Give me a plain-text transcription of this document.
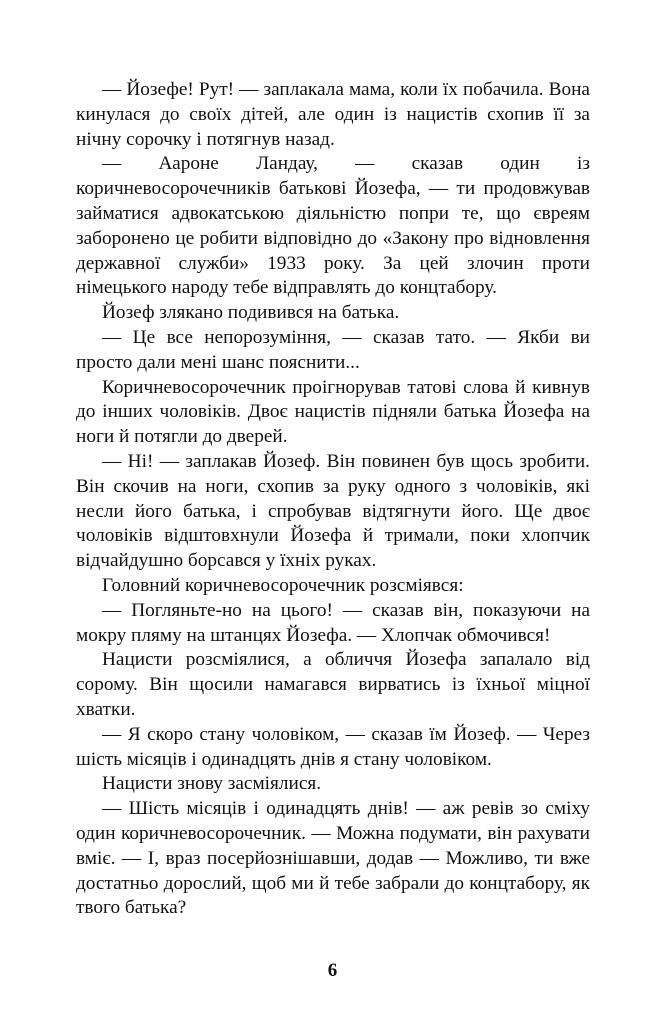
— Йозефе! Рут! — заплакала мама, коли їх побачила. Вона кинулася до своїх дітей, але один із нацистів схопив її за нічну сорочку і потягнув назад.

— Аароне Ландау, — сказав один із коричневосорочечників батькові Йозефа, — ти продовжував займатися адвокатською діяльністю попри те, що євреям заборонено це робити відповідно до «Закону про відновлення державної служби» 1933 року. За цей злочин проти німецького народу тебе відправлять до концтабору.

Йозеф злякано подивився на батька.

— Це все непорозуміння, — сказав тато. — Якби ви просто дали мені шанс пояснити...

Коричневосорочечник проігнорував татові слова й кивнув до інших чоловіків. Двоє нацистів підняли батька Йозефа на ноги й потягли до дверей.

— Ні! — заплакав Йозеф. Він повинен був щось зробити. Він скочив на ноги, схопив за руку одного з чоловіків, які несли його батька, і спробував відтягнути його. Ще двоє чоловіків відштовхнули Йозефа й тримали, поки хлопчик відчайдушно борсався у їхніх руках.

Головний коричневосорочечник розсміявся:

— Погляньте-но на цього! — сказав він, показуючи на мокру пляму на штанцях Йозефа. — Хлопчак обмочився!

Нацисти розсміялися, а обличчя Йозефа запалало від сорому. Він щосили намагався вирватись із їхньої міцної хватки.

— Я скоро стану чоловіком, — сказав їм Йозеф. — Через шість місяців і одинадцять днів я стану чоловіком.

Нацисти знову засміялися.

— Шість місяців і одинадцять днів! — аж ревів зо сміху один коричневосорочечник. — Можна подумати, він рахувати вміє. — І, враз посерйознішавши, додав — Можливо, ти вже достатньо дорослий, щоб ми й тебе забрали до концтабору, як твого батька?

6
